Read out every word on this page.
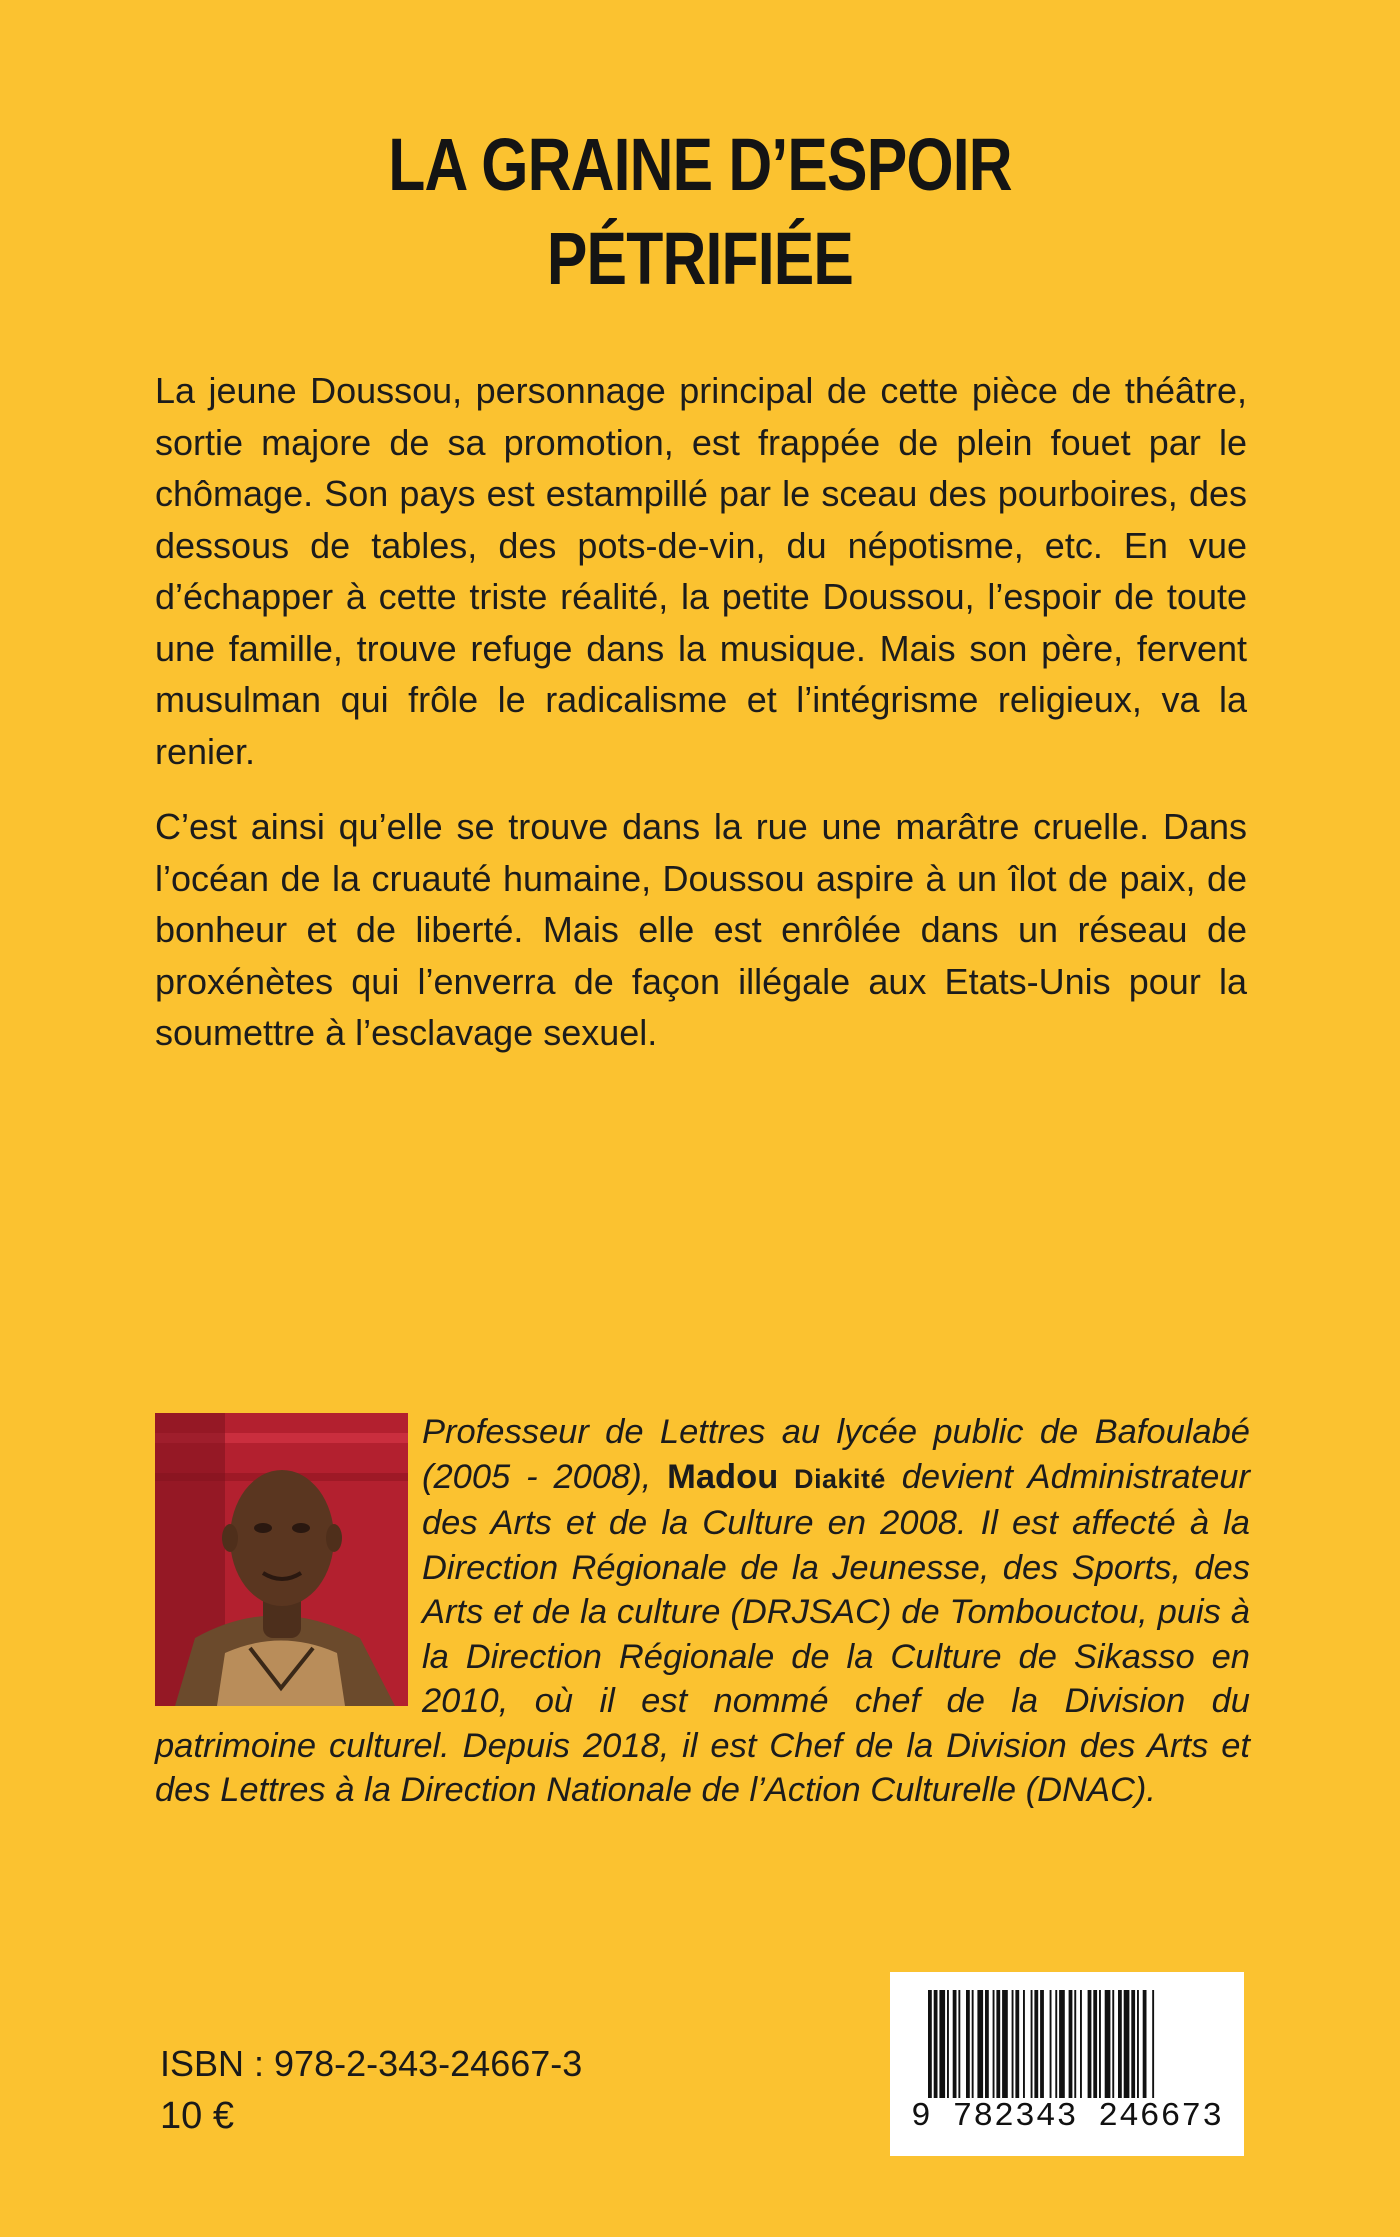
LA GRAINE D’ESPOIR
PÉTRIFIÉE

La jeune Doussou, personnage principal de cette pièce de théâtre, sortie majore de sa promotion, est frappée de plein fouet par le chômage. Son pays est estampillé par le sceau des pourboires, des dessous de tables, des pots-de-vin, du népotisme, etc. En vue d’échapper à cette triste réalité, la petite Doussou, l’espoir de toute une famille, trouve refuge dans la musique. Mais son père, fervent musulman qui frôle le radicalisme et l’intégrisme religieux, va la renier.

C’est ainsi qu’elle se trouve dans la rue une marâtre cruelle. Dans l’océan de la cruauté humaine, Doussou aspire à un îlot de paix, de bonheur et de liberté. Mais elle est enrôlée dans un réseau de proxénètes qui l’enverra de façon illégale aux Etats-Unis pour la soumettre à l’esclavage sexuel.

Professeur de Lettres au lycée public de Bafoulabé (2005 - 2008), Madou Diakité devient Administrateur des Arts et de la Culture en 2008. Il est affecté à la Direction Régionale de la Jeunesse, des Sports, des Arts et de la culture (DRJSAC) de Tombouctou, puis à la Direction Régionale de la Culture de Sikasso en 2010, où il est nommé chef de la Division du patrimoine culturel. Depuis 2018, il est Chef de la Division des Arts et des Lettres à la Direction Nationale de l’Action Culturelle (DNAC).
ISBN : 978-2-343-24667-3
10 €	9 782343 246673
